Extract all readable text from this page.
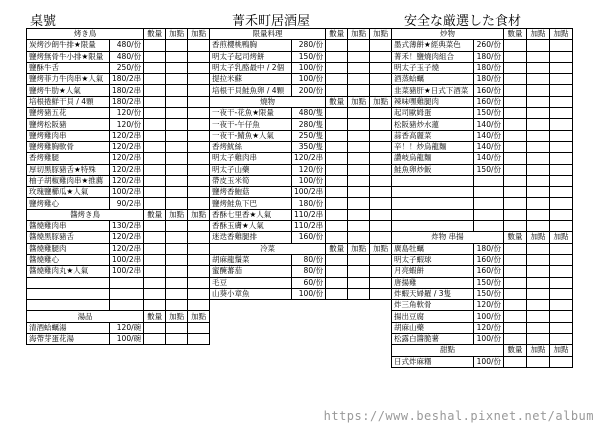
桌號	菁禾町居酒屋	安全な厳選した食材
烤き鳥		數量	加點	加點
炭烤沙朗牛排★限量	480/份			
鹽烤無骨牛小排★限量	480/份			
鹽酥牛舌	250/份			
鹽烤菲力牛肉串★人氣	180/2串			
鹽烤牛肋★人氣	180/2串			
培根捲鮮干貝 / 4顆	180/2串			
鹽烤豬五花	120/份			
鹽烤松阪豬	120/份			
鹽烤雞肉串	120/2串			
鹽烤雞胸軟骨	120/2串			
香烤雞腿	120/2串			
厚切黑豚豬舌★特殊	120/2串			
柚子胡椒雞肉串★推薦	120/2串			
玫瑰鹽櫛瓜★人氣	100/2串			
鹽烤雞心	90/2串			
醬烤き鳥		數量	加點	加點
醬燒雞肉串	130/2串			
醬燒黑豚豬舌	120/2串			
醬燒雞腿肉	120/2串			
醬燒雞心	100/2串			
醬燒雞肉丸★人氣	100/2串			

湯品		數量	加點	加點
清酒蛤蠣湯	120/碗			
海帶芽蛋花湯	100/碗			
限量料理		數量	加點	加點
香煎櫻桃鴨胸	280/份			
明太子起司烤餅	150/份			
明太子乳酪最中 / 2個	100/份			
提拉米蘇	100/份			
培根干貝鮭魚卵 / 4顆	200/份			
燒物		數量	加點	加點
一夜干-花魚★限量	480/隻			
一夜干-午仔魚	280/隻			
一夜干-鯖魚★人氣	250/隻			
香烤魷絲	350/隻			
明太子雞肉串	120/2串			
明太子山藥	120/份			
帶皮玉米筍	100/份			
鹽烤香鮑菇	100/2串			
鹽烤鮭魚下巴	180/份			
香酥七里香★人氣	110/2串			
香酥玉膚★人氣	110/2串			
迷迭香雞腿排	160/份			
冷菜		數量	加點	加點
胡麻龍鬚菜	80/份			
蜜醃蕃茄	80/份			
毛豆	60/份			
山葵小章魚	100/份			
炒物		數量	加點	加點
墨式薄餅★經典菜色	260/份			
菁禾！鹽燒肉組合	180/份			
明太子玉子燒	180/份			
酒蒸蛤蠣	180/份			
韭菜豬肝★日式下酒菜	160/份			
辣味嘿雞腿肉	160/份			
起司歐姆蛋	150/份			
松阪豬炒水蓮	140/份			
蒜香高麗菜	140/份			
辛！！炒烏龍麵	140/份			
讚岐烏龍麵	140/份			
鮭魚卵炒飯	150/份			

炸物 串揚		數量	加點	加點
廣島牡蠣	180/份			
明太子蝦球	160/份			
月亮蝦餅	160/份			
唐揚雞	150/份			
炸蝦天婦羅 / 3隻	150/份			
炸三角軟骨	120/份			
揚出豆腐	100/份			
胡麻山藥	120/份			
松露白醬脆薯	100/份			
甜點		數量	加點	加點
日式炸麻糬	100/份			
https://www.beshal.pixnet.net/album
